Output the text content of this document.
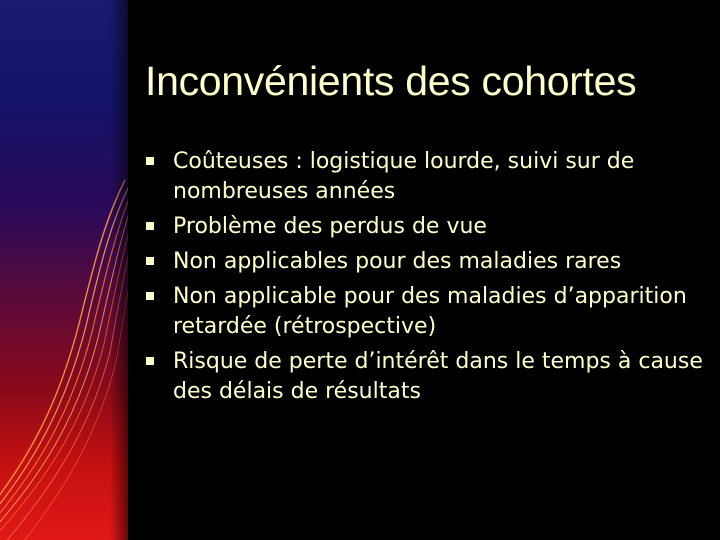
Inconvénients des cohortes
Coûteuses : logistique lourde, suivi sur de nombreuses années
Problème des perdus de vue
Non applicables pour des maladies rares
Non applicable pour des maladies d’apparition retardée (rétrospective)
Risque de perte d’intérêt dans le temps à cause des délais de résultats
